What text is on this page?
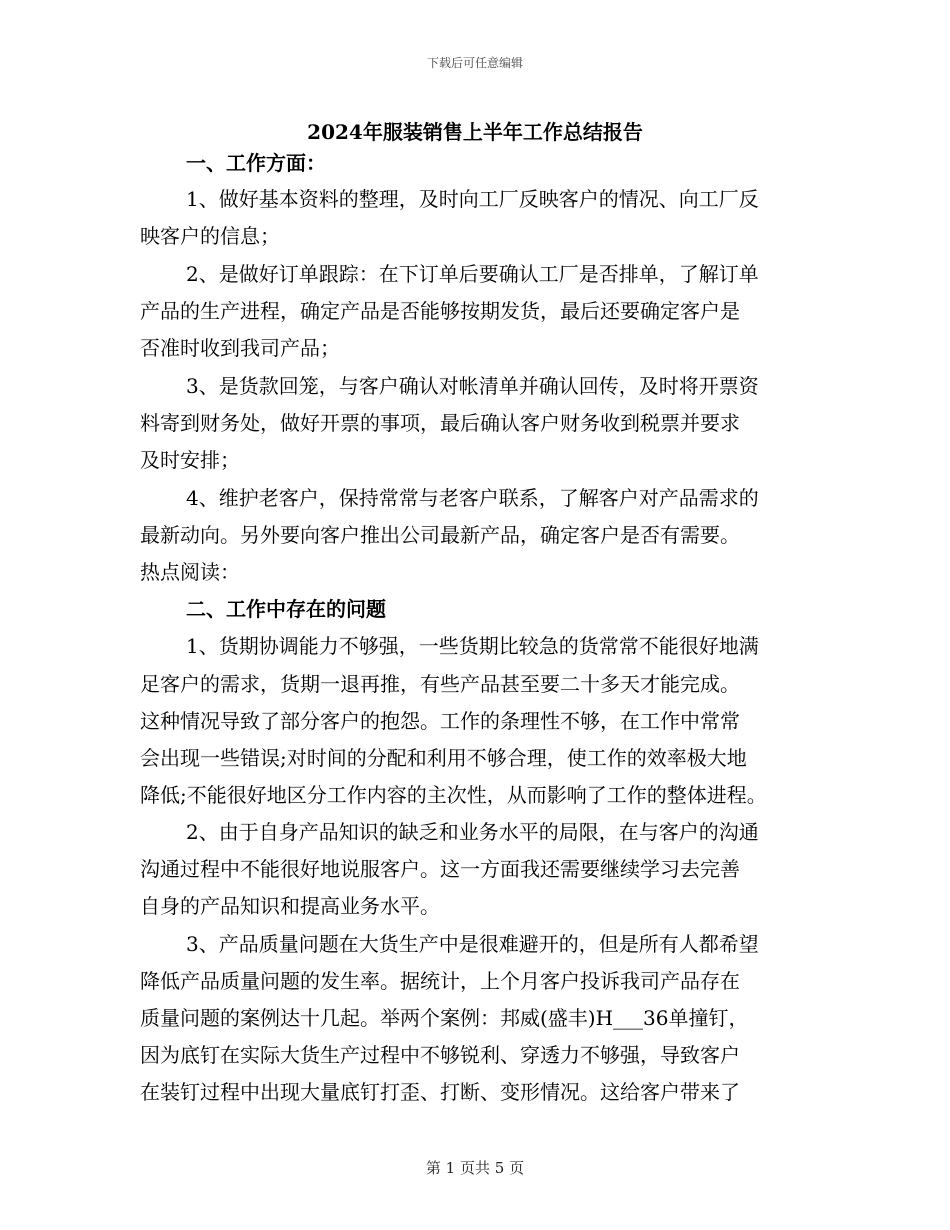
下载后可任意编辑
2024年服装销售上半年工作总结报告
一、工作方面：
1、做好基本资料的整理，及时向工厂反映客户的情况、向工厂反
映客户的信息；
2、是做好订单跟踪：在下订单后要确认工厂是否排单，了解订单
产品的生产进程，确定产品是否能够按期发货，最后还要确定客户是
否准时收到我司产品；
3、是货款回笼，与客户确认对帐清单并确认回传，及时将开票资
料寄到财务处，做好开票的事项，最后确认客户财务收到税票并要求
及时安排；
4、维护老客户，保持常常与老客户联系，了解客户对产品需求的
最新动向。另外要向客户推出公司最新产品，确定客户是否有需要。
热点阅读：
二、工作中存在的问题
1、货期协调能力不够强，一些货期比较急的货常常不能很好地满
足客户的需求，货期一退再推，有些产品甚至要二十多天才能完成。
这种情况导致了部分客户的抱怨。工作的条理性不够，在工作中常常
会出现一些错误;对时间的分配和利用不够合理，使工作的效率极大地
降低;不能很好地区分工作内容的主次性，从而影响了工作的整体进程。
2、由于自身产品知识的缺乏和业务水平的局限，在与客户的沟通
沟通过程中不能很好地说服客户。这一方面我还需要继续学习去完善
自身的产品知识和提高业务水平。
3、产品质量问题在大货生产中是很难避开的，但是所有人都希望
降低产品质量问题的发生率。据统计，上个月客户投诉我司产品存在
质量问题的案例达十几起。举两个案例：邦威(盛丰)H___36单撞钉，
因为底钉在实际大货生产过程中不够锐利、穿透力不够强，导致客户
在装钉过程中出现大量底钉打歪、打断、变形情况。这给客户带来了
第 1 页共 5 页
